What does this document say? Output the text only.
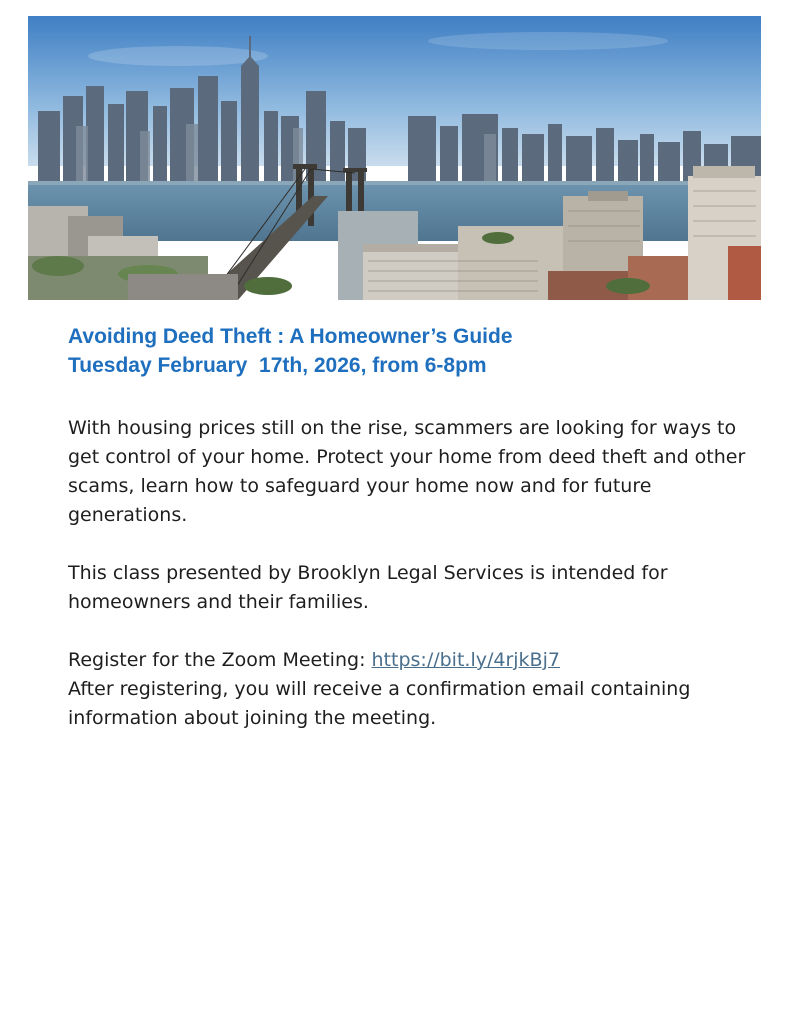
Avoiding Deed Theft : A Homeowner’s Guide

Tuesday February  17th, 2026, from 6-8pm

With housing prices still on the rise, scammers are looking for ways to get control of your home. Protect your home from deed theft and other scams, learn how to safeguard your home now and for future generations.

This class presented by Brooklyn Legal Services is intended for homeowners and their families.

Register for the Zoom Meeting: https://bit.ly/4rjkBj7

After registering, you will receive a confirmation email containing information about joining the meeting.
